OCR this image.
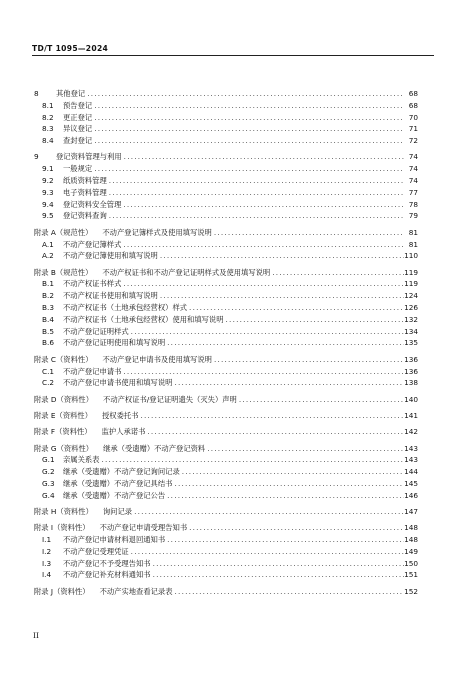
TD/T 1095—2024
8	其他登记 .....	68
8.1	预告登记 .....	68
8.2	更正登记 .....	70
8.3	异议登记 .....	71
8.4	查封登记 .....	72
9	登记资料管理与利用 .....	74
9.1	一般规定 .....	74
9.2	纸质资料管理 .....	74
9.3	电子资料管理 .....	77
9.4	登记资料安全管理 .....	78
9.5	登记资料查询 .....	79
附录 A（规范性）	不动产登记簿样式及使用填写说明 .....	81
A.1	不动产登记簿样式 .....	81
A.2	不动产登记簿使用和填写说明 .....	110
附录 B（规范性）	不动产权证书和不动产登记证明样式及使用填写说明 .....	119
B.1	不动产权证书样式 .....	119
B.2	不动产权证书使用和填写说明 .....	124
B.3	不动产权证书（土地承包经营权）样式 .....	126
B.4	不动产权证书（土地承包经营权）使用和填写说明 .....	132
B.5	不动产登记证明样式 .....	134
B.6	不动产登记证明使用和填写说明 .....	135
附录 C（资料性）	不动产登记申请书及使用填写说明 .....	136
C.1	不动产登记申请书 .....	136
C.2	不动产登记申请书使用和填写说明 .....	138
附录 D（资料性）	不动产权证书/登记证明遗失（灭失）声明 .....	140
附录 E（资料性）	授权委托书 .....	141
附录 F（资料性）	监护人承诺书 .....	142
附录 G（资料性）	继承（受遗赠）不动产登记资料 .....	143
G.1	亲属关系表 .....	143
G.2	继承（受遗赠）不动产登记询问记录 .....	144
G.3	继承（受遗赠）不动产登记具结书 .....	145
G.4	继承（受遗赠）不动产登记公告 .....	146
附录 H（资料性）	询问记录 .....	147
附录 I（资料性）	不动产登记申请受理告知书 .....	148
I.1	不动产登记申请材料退回通知书 .....	148
I.2	不动产登记受理凭证 .....	149
I.3	不动产登记不予受理告知书 .....	150
I.4	不动产登记补充材料通知书 .....	151
附录 J（资料性）	不动产实地查看记录表 .....	152
II
